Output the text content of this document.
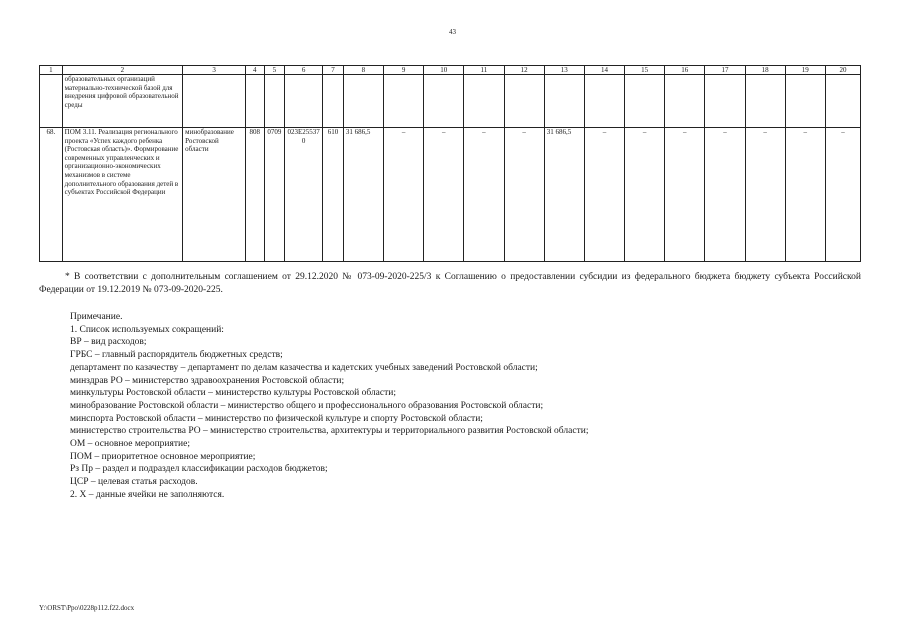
43
1	2	3	4	5	6	7	8	9	10	11	12	13	14	15	16	17	18	19	20
	образовательных организаций материально-технической базой для внедрения цифровой образовательной среды																		
68.	ПОМ 3.11. Реализация регионального проекта «Успех каждого ребенка (Ростовская область)». Формирование современных управленческих и организационно-экономических механизмов в системе дополнительного образования детей в субъектах Российской Федерации	минобразование Ростовской области	808	0709	023E255370	610	31 686,5	–	–	–	–	31 686,5	–	–	–	–	–	–	–
* В соответствии с дополнительным соглашением от 29.12.2020 № 073-09-2020-225/3 к Соглашению о предоставлении субсидии из федерального бюджета бюджету субъекта Российской Федерации от 19.12.2019 № 073-09-2020-225.
Примечание.
1. Список используемых сокращений:
ВР – вид расходов;
ГРБС – главный распорядитель бюджетных средств;
департамент по казачеству – департамент по делам казачества и кадетских учебных заведений Ростовской области;
минздрав РО – министерство здравоохранения Ростовской области;
минкультуры Ростовской области – министерство культуры Ростовской области;
минобразование Ростовской области – министерство общего и профессионального образования Ростовской области;
минспорта Ростовской области – министерство по физической культуре и спорту Ростовской области;
министерство строительства РО – министерство строительства, архитектуры и территориального развития Ростовской области;
ОМ – основное мероприятие;
ПОМ – приоритетное основное мероприятие;
Рз Пр – раздел и подраздел классификации расходов бюджетов;
ЦСР – целевая статья расходов.
2. Х – данные ячейки не заполняются.
Y:\ORST\Ppo\0228p112.f22.docx
